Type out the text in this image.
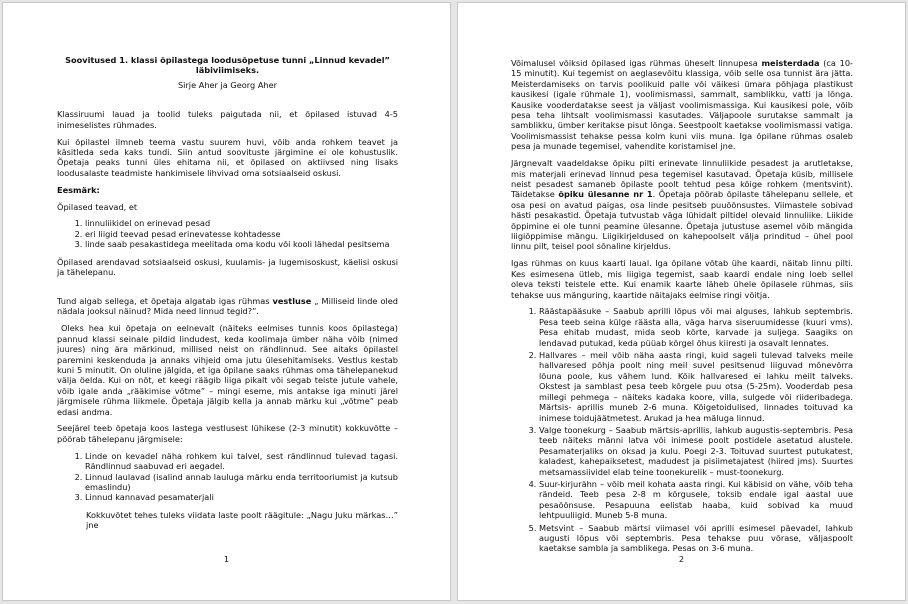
Soovitused 1. klassi õpilastega loodusõpetuse tunni „Linnud kevadel” läbiviimiseks.
Sirje Aher ja Georg Aher

Klassiruumi lauad ja toolid tuleks paigutada nii, et õpilased istuvad 4-5 inimeselistes rühmades.

Kui õpilastel ilmneb teema vastu suurem huvi, võib anda rohkem teavet ja käsitleda seda kaks tundi. Siin antud soovituste järgimine ei ole kohustuslik. Õpetaja peaks tunni üles ehitama nii, et õpilased on aktiivsed ning lisaks loodusalaste teadmiste hankimisele lihvivad oma sotsiaalseid oskusi.

Eesmärk:

Õpilased teavad, et

1. linnuliikidel on erinevad pesad
2. eri liigid teevad pesad erinevatesse kohtadesse
3. linde saab pesakastidega meelitada oma kodu või kooli lähedal pesitsema

Õpilased arendavad sotsiaalseid oskusi, kuulamis- ja lugemisoskust, käelisi oskusi ja tähelepanu.

Tund algab sellega, et õpetaja algatab igas rühmas vestluse „ Milliseid linde oled nädala jooksul näinud? Mida need linnud tegid?”.

Oleks hea kui õpetaja on eelnevalt (näiteks eelmises tunnis koos õpilastega) pannud klassi seinale pildid lindudest, keda koolimaja ümber näha võib (nimed juures) ning ära märkinud, millised neist on rändlinnud. See aitaks õpilastel paremini keskenduda ja annaks vihjeid oma jutu ülesehitamiseks. Vestlus kestab kuni 5 minutit. On oluline jälgida, et iga õpilane saaks rühmas oma tähelepanekud välja öelda. Kui on nõt, et keegi räägib liiga pikalt või segab teiste jutule vahele, võib igale anda „rääkimise võtme” – mingi eseme, mis antakse iga minuti järel järgmisele rühma liikmele. Õpetaja jälgib kella ja annab märku kui „võtme” peab edasi andma.

Seejärel teeb õpetaja koos lastega vestlusest lühikese (2-3 minutit) kokkuvõtte – pöörab tähelepanu järgmisele:

1. Linde on kevadel näha rohkem kui talvel, sest rändlinnud tulevad tagasi. Rändlinnud saabuvad eri aegadel.
2. Linnud laulavad (isalind annab lauluga märku enda territooriumist ja kutsub emaslindu)
3. Linnud kannavad pesamaterjali

Kokkuvõtet tehes tuleks viidata laste poolt räägitule: „Nagu Juku märkas…” jne

1

Võimalusel võiksid õpilased igas rühmas üheselt linnupesa meisterdada (ca 10-15 minutit). Kui tegemist on aeglasevõitu klassiga, võib selle osa tunnist ära jätta. Meisterdamiseks on tarvis poolikuid palle või väikesi ümara põhjaga plastikust kausikesi (igale rühmale 1), voolimismassi, sammalt, samblikku, vatti ja lõnga. Kausike vooderdatakse seest ja väljast voolimismassiga. Kui kausikesi pole, võib pesa teha lihtsalt voolimismassi kasutades. Väljapoole surutakse sammalt ja samblikku, ümber keritakse pisut lõnga. Seestpoolt kaetakse voolimismassi vatiga. Voolimismassist tehakse pessa kolm kuni viis muna. Iga õpilane rühmas osaleb pesa ja munade tegemisel, vahendite koristamisel jne.

Järgnevalt vaadeldakse õpiku pilti erinevate linnuliikide pesadest ja arutletakse, mis materjali erinevad linnud pesa tegemisel kasutavad. Õpetaja küsib, millisele neist pesadest samaneb õpilaste poolt tehtud pesa kõige rohkem (mentsvint). Täidetakse õpiku ülesanne nr 1. Õpetaja pöörab õpilaste tähelepanu sellele, et osa pesi on avatud paigas, osa linde pesitseb puuõõnsustes. Viimastele sobivad hästi pesakastid. Õpetaja tutvustab väga lühidalt piltidel olevaid linnuliike. Liikide õppimine ei ole tunni peamine ülesanne. Õpetaja jutustuse asemel võib mängida liigiõppimise mängu. Liigikirjeldused on kahepoolselt välja prinditud – ühel pool linnu pilt, teisel pool sõnaline kirjeldus.

Igas rühmas on kuus kaarti laual. Iga õpilane võtab ühe kaardi, näitab linnu pilti. Kes esimesena ütleb, mis liigiga tegemist, saab kaardi endale ning loeb sellel oleva teksti teistele ette. Kui enamik kaarte läheb ühele õpilasele rühmas, siis tehakse uus mänguring, kaartide näitajaks eelmise ringi võitja.

1. Räästapääsuke – Saabub aprilli lõpus või mai alguses, lahkub septembris. Pesa teeb seina külge räästa alla, väga harva siseruumidesse (kuuri vms). Pesa ehitab mudast, mida seob kõrte, karvade ja suljega. Saagiks on lendavad putukad, keda püüab kõrgel õhus kiiresti ja osavalt lennates.
2. Hallvares – meil võib näha aasta ringi, kuid sageli tulevad talveks meile hallvaresed põhja poolt ning meil suvel pesitsenud liiguvad mõnevõrra lõuna poole, kus vähem lund. Kõik hallvaresed ei lahku meilt talveks. Okstest ja samblast pesa teeb kõrgele puu otsa (5-25m). Vooderdab pesa millegi pehmega – näiteks kadaka koore, villa, sulgede või riideribadega. Märtsis- aprillis muneb 2-6 muna. Kõigetoidulised, linnades toituvad ka inimese toidujäätmetest. Arukad ja hea mäluga linnud.
3. Valge toonekurg – Saabub märtsis-aprillis, lahkub augustis-septembris. Pesa teeb näiteks männi latva või inimese poolt postidele asetatud alustele. Pesamaterjaliks on oksad ja kulu. Poegi 2-3. Toituvad suurtest putukatest, kaladest, kahepaiksetest, madudest ja pisiimetajatest (hiired jms). Suurtes metsamassiividel elab teine toonekurelik – must-toonekurg.
4. Suur-kirjurähn – võib meil kohata aasta ringi. Kui käbisid on vähe, võib teha rändeid. Teeb pesa 2-8 m kõrgusele, toksib endale igal aastal uue pesaõõnsuse. Pesapuuna eelistab haaba, kuid sobivad ka muud lehtpuuliigid. Muneb 5-8 muna.
5. Metsvint – Saabub märtsi viimasel või aprilli esimesel päevadel, lahkub augusti lõpus või septembris. Pesa tehakse puu võrase, väljaspoolt kaetakse sambla ja samblikega. Pesas on 3-6 muna.
2
